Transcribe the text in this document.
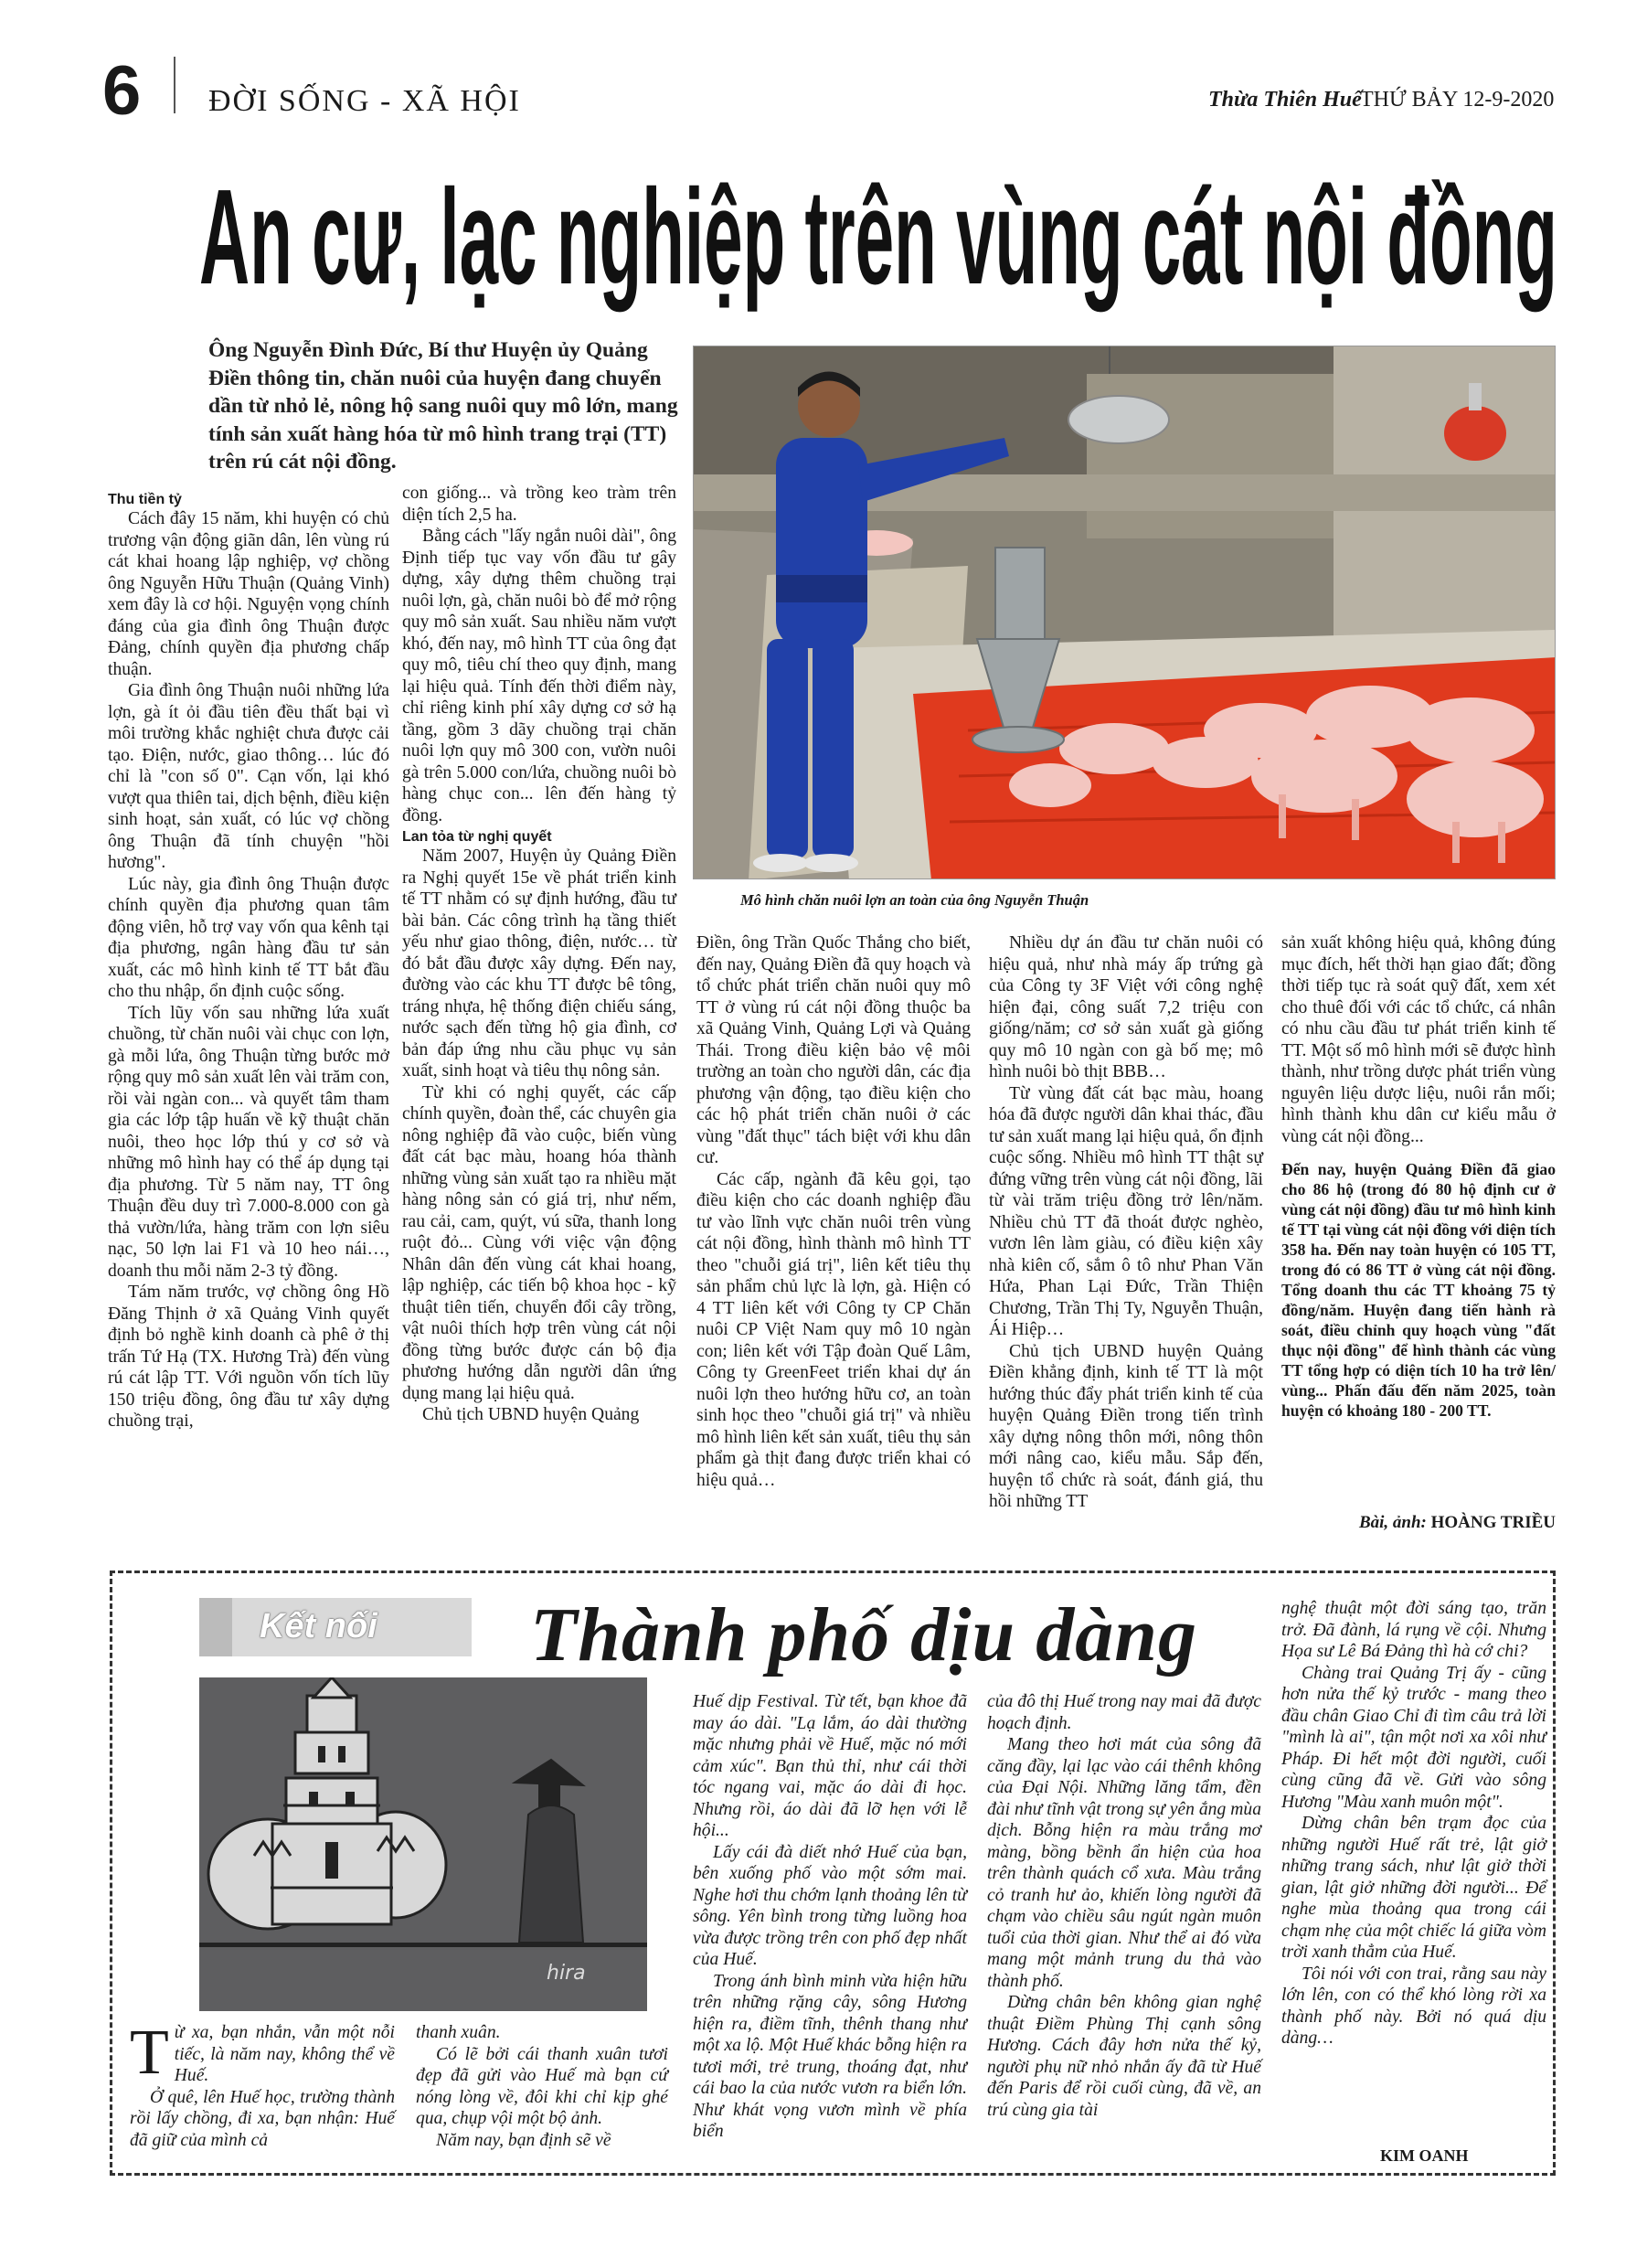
6 ĐỜI SỐNG - XÃ HỘI	Thừa Thiên Huế
THỨ BẢY 12-9-2020
An cư, lạc nghiệp trên vùng cát nội đồng
Ông Nguyễn Đình Đức, Bí thư Huyện ủy Quảng Điền thông tin, chăn nuôi của huyện đang chuyển dần từ nhỏ lẻ, nông hộ sang nuôi quy mô lớn, mang tính sản xuất hàng hóa từ mô hình trang trại (TT) trên rú cát nội đồng.
Mô hình chăn nuôi lợn an toàn của ông Nguyễn Thuận

Thu tiền tỷ

Cách đây 15 năm, khi huyện có chủ trương vận động giãn dân, lên vùng rú cát khai hoang lập nghiệp, vợ chồng ông Nguyễn Hữu Thuận (Quảng Vinh) xem đây là cơ hội. Nguyện vọng chính đáng của gia đình ông Thuận được Đảng, chính quyền địa phương chấp thuận.

Gia đình ông Thuận nuôi những lứa lợn, gà ít ỏi đầu tiên đều thất bại vì môi trường khắc nghiệt chưa được cải tạo. Điện, nước, giao thông… lúc đó chỉ là "con số 0". Cạn vốn, lại khó vượt qua thiên tai, dịch bệnh, điều kiện sinh hoạt, sản xuất, có lúc vợ chồng ông Thuận đã tính chuyện "hồi hương".

Lúc này, gia đình ông Thuận được chính quyền địa phương quan tâm động viên, hỗ trợ vay vốn qua kênh tại địa phương, ngân hàng đầu tư sản xuất, các mô hình kinh tế TT bắt đầu cho thu nhập, ổn định cuộc sống.

Tích lũy vốn sau những lứa xuất chuồng, từ chăn nuôi vài chục con lợn, gà mỗi lứa, ông Thuận từng bước mở rộng quy mô sản xuất lên vài trăm con, rồi vài ngàn con... và quyết tâm tham gia các lớp tập huấn về kỹ thuật chăn nuôi, theo học lớp thú y cơ sở và những mô hình hay có thể áp dụng tại địa phương. Từ 5 năm nay, TT ông Thuận đều duy trì 7.000-8.000 con gà thả vườn/lứa, hàng trăm con lợn siêu nạc, 50 lợn lai F1 và 10 heo nái…, doanh thu mỗi năm 2-3 tỷ đồng.

Tám năm trước, vợ chồng ông Hồ Đăng Thịnh ở xã Quảng Vinh quyết định bỏ nghề kinh doanh cà phê ở thị trấn Tứ Hạ (TX. Hương Trà) đến vùng rú cát lập TT. Với nguồn vốn tích lũy 150 triệu đồng, ông đầu tư xây dựng chuồng trại,

con giống... và trồng keo tràm trên diện tích 2,5 ha.

Bằng cách "lấy ngắn nuôi dài", ông Định tiếp tục vay vốn đầu tư gây dựng, xây dựng thêm chuồng trại nuôi lợn, gà, chăn nuôi bò để mở rộng quy mô sản xuất. Sau nhiều năm vượt khó, đến nay, mô hình TT của ông đạt quy mô, tiêu chí theo quy định, mang lại hiệu quả. Tính đến thời điểm này, chỉ riêng kinh phí xây dựng cơ sở hạ tầng, gồm 3 dãy chuồng trại chăn nuôi lợn quy mô 300 con, vườn nuôi gà trên 5.000 con/lứa, chuồng nuôi bò hàng chục con... lên đến hàng tỷ đồng.

Lan tỏa từ nghị quyết

Năm 2007, Huyện ủy Quảng Điền ra Nghị quyết 15e về phát triển kinh tế TT nhằm có sự định hướng, đầu tư bài bản. Các công trình hạ tầng thiết yếu như giao thông, điện, nước… từ đó bắt đầu được xây dựng. Đến nay, đường vào các khu TT được bê tông, tráng nhựa, hệ thống điện chiếu sáng, nước sạch đến từng hộ gia đình, cơ bản đáp ứng nhu cầu phục vụ sản xuất, sinh hoạt và tiêu thụ nông sản.

Từ khi có nghị quyết, các cấp chính quyền, đoàn thể, các chuyên gia nông nghiệp đã vào cuộc, biến vùng đất cát bạc màu, hoang hóa thành những vùng sản xuất tạo ra nhiều mặt hàng nông sản có giá trị, như nếm, rau cải, cam, quýt, vú sữa, thanh long ruột đỏ... Cùng với việc vận động Nhân dân đến vùng cát khai hoang, lập nghiệp, các tiến bộ khoa học - kỹ thuật tiên tiến, chuyển đổi cây trồng, vật nuôi thích hợp trên vùng cát nội đồng từng bước được cán bộ địa phương hướng dẫn người dân ứng dụng mang lại hiệu quả.

Chủ tịch UBND huyện Quảng

Điền, ông Trần Quốc Thắng cho biết, đến nay, Quảng Điền đã quy hoạch và tổ chức phát triển chăn nuôi quy mô TT ở vùng rú cát nội đồng thuộc ba xã Quảng Vinh, Quảng Lợi và Quảng Thái. Trong điều kiện bảo vệ môi trường an toàn cho người dân, các địa phương vận động, tạo điều kiện cho các hộ phát triển chăn nuôi ở các vùng "đất thục" tách biệt với khu dân cư.

Các cấp, ngành đã kêu gọi, tạo điều kiện cho các doanh nghiệp đầu tư vào lĩnh vực chăn nuôi trên vùng cát nội đồng, hình thành mô hình TT theo "chuỗi giá trị", liên kết tiêu thụ sản phẩm chủ lực là lợn, gà. Hiện có 4 TT liên kết với Công ty CP Chăn nuôi CP Việt Nam quy mô 10 ngàn con; liên kết với Tập đoàn Quế Lâm, Công ty GreenFeet triển khai dự án nuôi lợn theo hướng hữu cơ, an toàn sinh học theo "chuỗi giá trị" và nhiều mô hình liên kết sản xuất, tiêu thụ sản phẩm gà thịt đang được triển khai có hiệu quả…

Nhiều dự án đầu tư chăn nuôi có hiệu quả, như nhà máy ấp trứng gà của Công ty 3F Việt với công nghệ hiện đại, công suất 7,2 triệu con giống/năm; cơ sở sản xuất gà giống quy mô 10 ngàn con gà bố mẹ; mô hình nuôi bò thịt BBB…

Từ vùng đất cát bạc màu, hoang hóa đã được người dân khai thác, đầu tư sản xuất mang lại hiệu quả, ổn định cuộc sống. Nhiều mô hình TT thật sự đứng vững trên vùng cát nội đồng, lãi từ vài trăm triệu đồng trở lên/năm. Nhiều chủ TT đã thoát được nghèo, vươn lên làm giàu, có điều kiện xây nhà kiên cố, sắm ô tô như Phan Văn Hứa, Phan Lại Đức, Trần Thiện Chương, Trần Thị Ty, Nguyễn Thuận, Ái Hiệp…

Chủ tịch UBND huyện Quảng Điền khẳng định, kinh tế TT là một hướng thúc đẩy phát triển kinh tế của huyện Quảng Điền trong tiến trình xây dựng nông thôn mới, nông thôn mới nâng cao, kiểu mẫu. Sắp đến, huyện tổ chức rà soát, đánh giá, thu hồi những TT

sản xuất không hiệu quả, không đúng mục đích, hết thời hạn giao đất; đồng thời tiếp tục rà soát quỹ đất, xem xét cho thuê đối với các tổ chức, cá nhân có nhu cầu đầu tư phát triển kinh tế TT. Một số mô hình mới sẽ được hình thành, như trồng dược phát triển vùng nguyên liệu dược liệu, nuôi rắn mối; hình thành khu dân cư kiểu mẫu ở vùng cát nội đồng...

Đến nay, huyện Quảng Điền đã giao cho 86 hộ (trong đó 80 hộ định cư ở vùng cát nội đồng) đầu tư mô hình kinh tế TT tại vùng cát nội đồng với diện tích 358 ha. Đến nay toàn huyện có 105 TT, trong đó có 86 TT ở vùng cát nội đồng. Tổng doanh thu các TT khoảng 75 tỷ đồng/năm. Huyện đang tiến hành rà soát, điều chỉnh quy hoạch vùng "đất thục nội đồng" để hình thành các vùng TT tổng hợp có diện tích 10 ha trở lên/ vùng... Phấn đấu đến năm 2025, toàn huyện có khoảng 180 - 200 TT.
Bài, ảnh: HOÀNG TRIỀU
Kết nối Thành phố dịu dàng
hira

Từ xa, bạn nhắn, vẫn một nỗi tiếc, là năm nay, không thể về Huế.

Ở quê, lên Huế học, trường thành rồi lấy chồng, đi xa, bạn nhận: Huế đã giữ của mình cả

thanh xuân.

Có lẽ bởi cái thanh xuân tươi đẹp đã gửi vào Huế mà bạn cứ nóng lòng về, đôi khi chỉ kịp ghé qua, chụp vội một bộ ảnh.

Năm nay, bạn định sẽ về

Huế dịp Festival. Từ tết, bạn khoe đã may áo dài. "Lạ lắm, áo dài thường mặc nhưng phải về Huế, mặc nó mới cảm xúc". Bạn thủ thỉ, như cái thời tóc ngang vai, mặc áo dài đi học. Nhưng rồi, áo dài đã lỡ hẹn với lễ hội...

Lấy cái đà diết nhớ Huế của bạn, bên xuống phố vào một sớm mai. Nghe hơi thu chớm lạnh thoảng lên từ sông. Yên bình trong từng luồng hoa vừa được trồng trên con phố đẹp nhất của Huế.

Trong ánh bình minh vừa hiện hữu trên những rặng cây, sông Hương hiện ra, điềm tĩnh, thênh thang như một xa lộ. Một Huế khác bỗng hiện ra tươi mới, trẻ trung, thoáng đạt, như cái bao la của nước vươn ra biển lớn. Như khát vọng vươn mình về phía biển

của đô thị Huế trong nay mai đã được hoạch định.

Mang theo hơi mát của sông đã căng đầy, lại lạc vào cái thênh không của Đại Nội. Những lăng tẩm, đền đài như tĩnh vật trong sự yên ắng mùa dịch. Bỗng hiện ra màu trắng mơ màng, bồng bềnh ẩn hiện của hoa trên thành quách cổ xưa. Màu trắng cỏ tranh hư ảo, khiến lòng người đã chạm vào chiều sâu ngút ngàn muôn tuổi của thời gian. Như thể ai đó vừa mang một mảnh trung du thả vào thành phố.

Dừng chân bên không gian nghệ thuật Điềm Phùng Thị cạnh sông Hương. Cách đây hơn nửa thế kỷ, người phụ nữ nhỏ nhắn ấy đã từ Huế đến Paris để rồi cuối cùng, đã về, an trú cùng gia tài

nghệ thuật một đời sáng tạo, trăn trở. Đã đành, lá rụng về cội. Nhưng Họa sư Lê Bá Đảng thì hà cớ chi?

Chàng trai Quảng Trị ấy - cũng hơn nửa thế kỷ trước - mang theo đầu chân Giao Chỉ đi tìm câu trả lời "mình là ai", tận một nơi xa xôi như Pháp. Đi hết một đời người, cuối cùng cũng đã về. Gửi vào sông Hương "Màu xanh muôn một".

Dừng chân bên trạm đọc của những người Huế rất trẻ, lật giở những trang sách, như lật giở thời gian, lật giở những đời người... Để nghe mùa thoảng qua trong cái chạm nhẹ của một chiếc lá giữa vòm trời xanh thẳm của Huế.

Tôi nói với con trai, rằng sau này lớn lên, con có thể khó lòng rời xa thành phố này. Bởi nó quá dịu dàng…

KIM OANH
